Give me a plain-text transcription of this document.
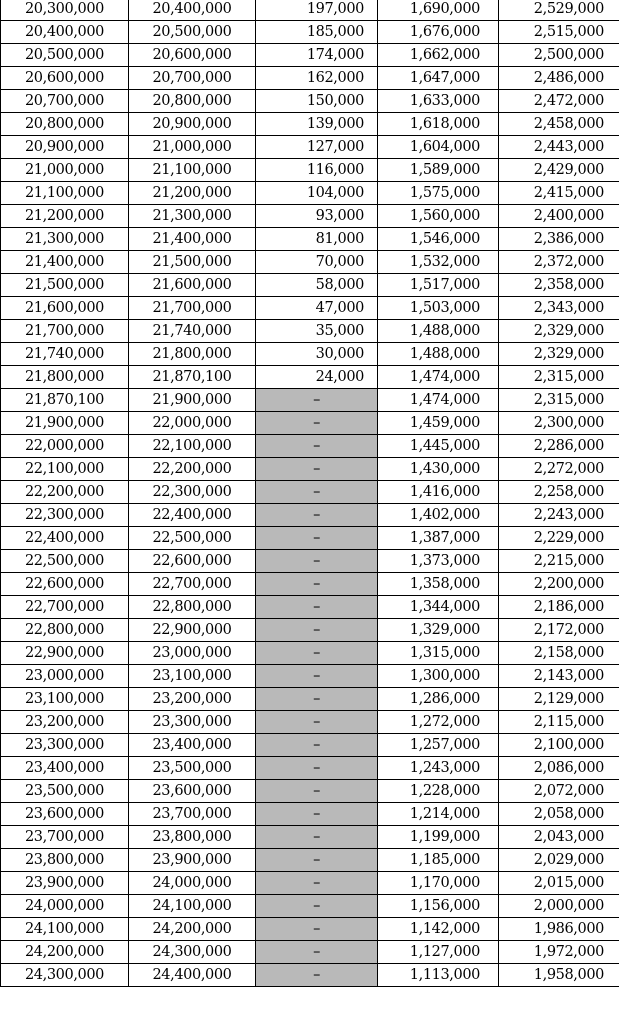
20,300,000	20,400,000	197,000	1,690,000	2,529,000
20,400,000	20,500,000	185,000	1,676,000	2,515,000
20,500,000	20,600,000	174,000	1,662,000	2,500,000
20,600,000	20,700,000	162,000	1,647,000	2,486,000
20,700,000	20,800,000	150,000	1,633,000	2,472,000
20,800,000	20,900,000	139,000	1,618,000	2,458,000
20,900,000	21,000,000	127,000	1,604,000	2,443,000
21,000,000	21,100,000	116,000	1,589,000	2,429,000
21,100,000	21,200,000	104,000	1,575,000	2,415,000
21,200,000	21,300,000	93,000	1,560,000	2,400,000
21,300,000	21,400,000	81,000	1,546,000	2,386,000
21,400,000	21,500,000	70,000	1,532,000	2,372,000
21,500,000	21,600,000	58,000	1,517,000	2,358,000
21,600,000	21,700,000	47,000	1,503,000	2,343,000
21,700,000	21,740,000	35,000	1,488,000	2,329,000
21,740,000	21,800,000	30,000	1,488,000	2,329,000
21,800,000	21,870,100	24,000	1,474,000	2,315,000
21,870,100	21,900,000	–	1,474,000	2,315,000
21,900,000	22,000,000	–	1,459,000	2,300,000
22,000,000	22,100,000	–	1,445,000	2,286,000
22,100,000	22,200,000	–	1,430,000	2,272,000
22,200,000	22,300,000	–	1,416,000	2,258,000
22,300,000	22,400,000	–	1,402,000	2,243,000
22,400,000	22,500,000	–	1,387,000	2,229,000
22,500,000	22,600,000	–	1,373,000	2,215,000
22,600,000	22,700,000	–	1,358,000	2,200,000
22,700,000	22,800,000	–	1,344,000	2,186,000
22,800,000	22,900,000	–	1,329,000	2,172,000
22,900,000	23,000,000	–	1,315,000	2,158,000
23,000,000	23,100,000	–	1,300,000	2,143,000
23,100,000	23,200,000	–	1,286,000	2,129,000
23,200,000	23,300,000	–	1,272,000	2,115,000
23,300,000	23,400,000	–	1,257,000	2,100,000
23,400,000	23,500,000	–	1,243,000	2,086,000
23,500,000	23,600,000	–	1,228,000	2,072,000
23,600,000	23,700,000	–	1,214,000	2,058,000
23,700,000	23,800,000	–	1,199,000	2,043,000
23,800,000	23,900,000	–	1,185,000	2,029,000
23,900,000	24,000,000	–	1,170,000	2,015,000
24,000,000	24,100,000	–	1,156,000	2,000,000
24,100,000	24,200,000	–	1,142,000	1,986,000
24,200,000	24,300,000	–	1,127,000	1,972,000
24,300,000	24,400,000	–	1,113,000	1,958,000
